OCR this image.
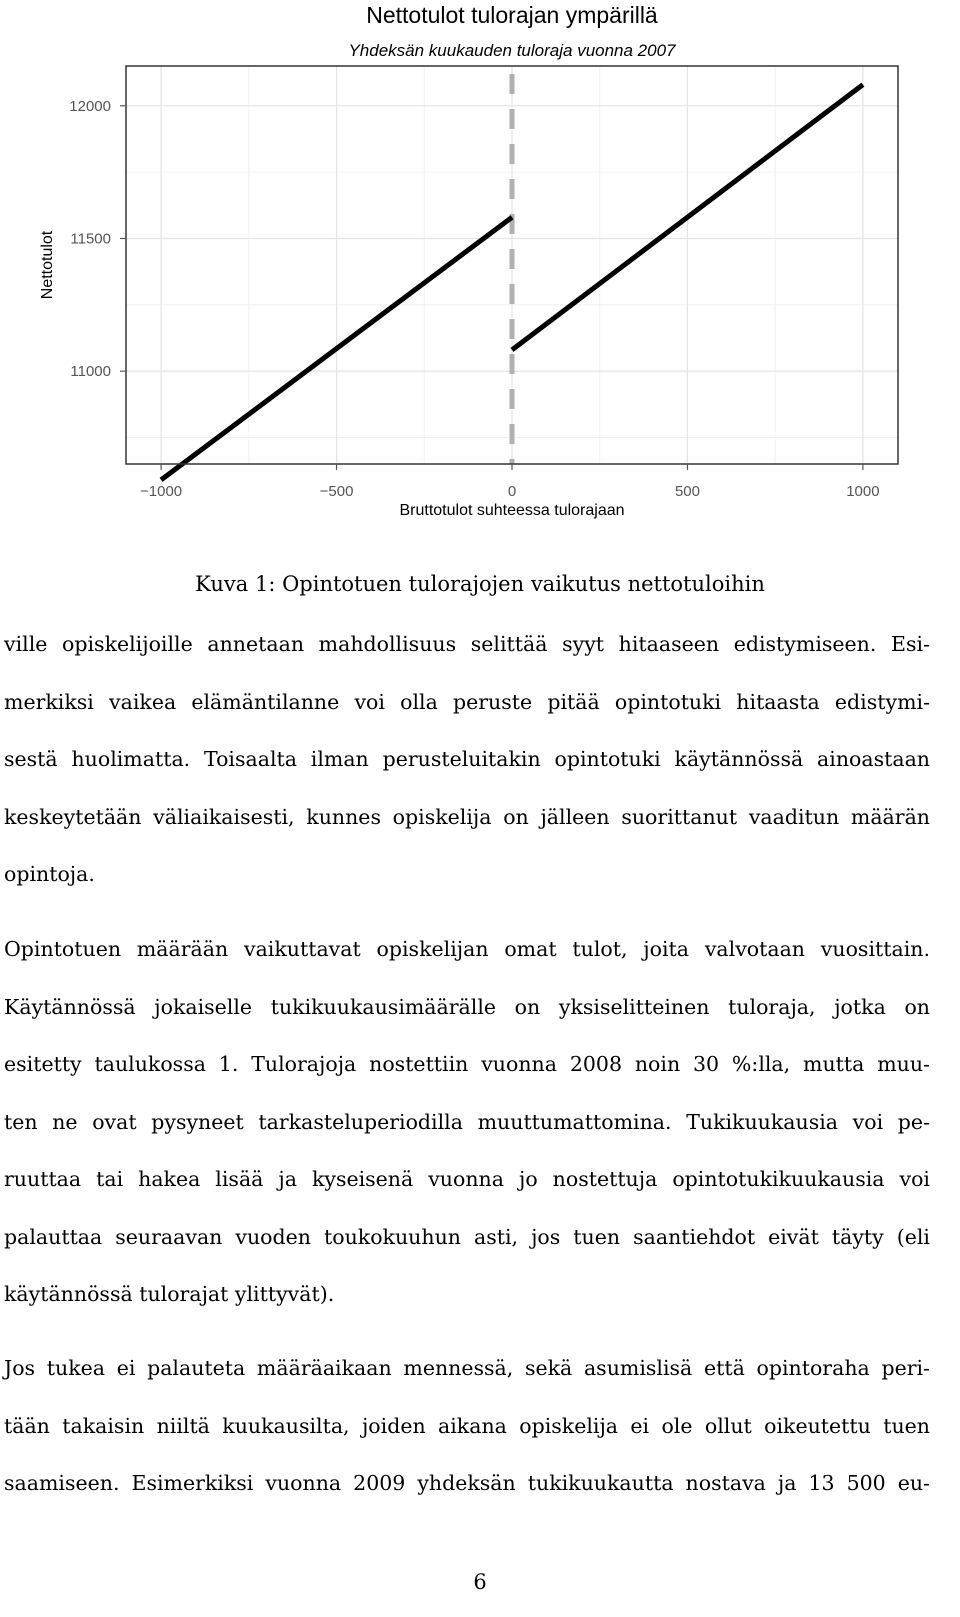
Nettotulot tulorajan ympärillä
Yhdeksän kuukauden tuloraja vuonna 2007
−1000	−500	0	500	1000
11000
11500
12000
Bruttotulot suhteessa tulorajaan
Nettotulot
Kuva 1: Opintotuen tulorajojen vaikutus nettotuloihin
ville opiskelijoille annetaan mahdollisuus selittää syyt hitaaseen edistymiseen. Esi-
merkiksi vaikea elämäntilanne voi olla peruste pitää opintotuki hitaasta edistymi-
sestä huolimatta. Toisaalta ilman perusteluitakin opintotuki käytännössä ainoastaan
keskeytetään väliaikaisesti, kunnes opiskelija on jälleen suorittanut vaaditun määrän
opintoja.
Opintotuen määrään vaikuttavat opiskelijan omat tulot, joita valvotaan vuosittain.
Käytännössä jokaiselle tukikuukausimäärälle on yksiselitteinen tuloraja, jotka on
esitetty taulukossa 1. Tulorajoja nostettiin vuonna 2008 noin 30 %:lla, mutta muu-
ten ne ovat pysyneet tarkasteluperiodilla muuttumattomina. Tukikuukausia voi pe-
ruuttaa tai hakea lisää ja kyseisenä vuonna jo nostettuja opintotukikuukausia voi
palauttaa seuraavan vuoden toukokuuhun asti, jos tuen saantiehdot eivät täyty (eli
käytännössä tulorajat ylittyvät).
Jos tukea ei palauteta määräaikaan mennessä, sekä asumislisä että opintoraha peri-
tään takaisin niiltä kuukausilta, joiden aikana opiskelija ei ole ollut oikeutettu tuen
saamiseen. Esimerkiksi vuonna 2009 yhdeksän tukikuukautta nostava ja 13 500 eu-
6
